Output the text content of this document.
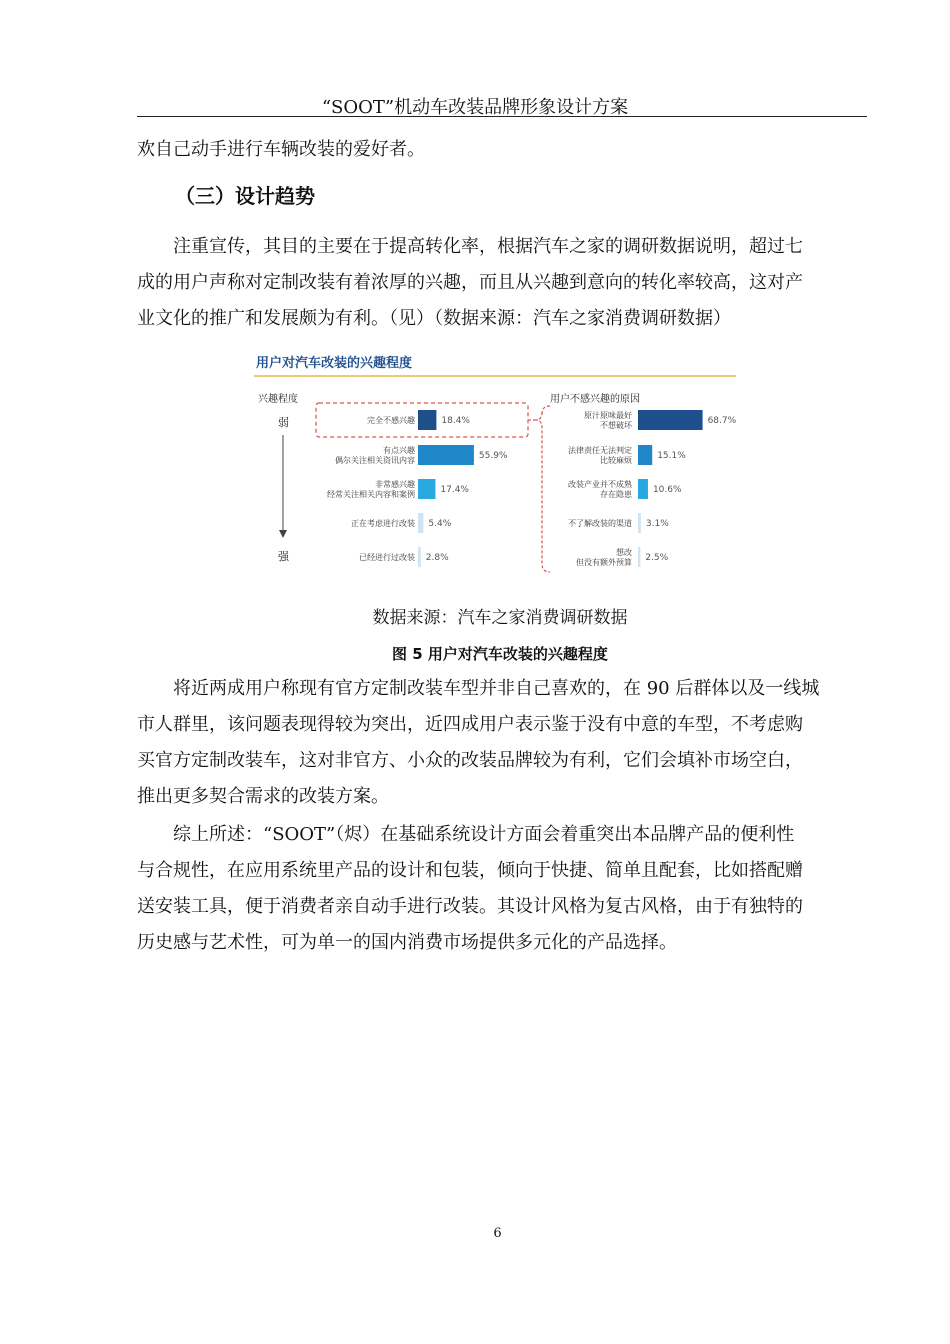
“SOOT”机动车改装品牌形象设计方案
欢自己动手进行车辆改装的爱好者。
（三）设计趋势
注重宣传，其目的主要在于提高转化率，根据汽车之家的调研数据说明，超过七
成的用户声称对定制改装有着浓厚的兴趣，而且从兴趣到意向的转化率较高，这对产
业文化的推广和发展颇为有利。（见）（数据来源：汽车之家消费调研数据）
用户对汽车改装的兴趣程度
兴趣程度	用户不感兴趣的原因
弱
强
完全不感兴趣	18.4%
有点兴趣偶尔关注相关资讯内容	55.9%
非常感兴趣经常关注相关内容和案例	17.4%
正在考虑进行改装 5.4%
已经进行过改装 2.8%
原汁原味最好不想破坏	68.7%
法律责任无法判定比较麻烦	15.1%
改装产业并不成熟存在隐患 10.6%
不了解改装的渠道 3.1%
想改但没有额外预算 2.5%
数据来源：汽车之家消费调研数据
图 5 用户对汽车改装的兴趣程度
将近两成用户称现有官方定制改装车型并非自己喜欢的，在 90 后群体以及一线城
市人群里，该问题表现得较为突出，近四成用户表示鉴于没有中意的车型，不考虑购
买官方定制改装车，这对非官方、小众的改装品牌较为有利，它们会填补市场空白，
推出更多契合需求的改装方案。
综上所述：“SOOT”（烬）在基础系统设计方面会着重突出本品牌产品的便利性
与合规性，在应用系统里产品的设计和包装，倾向于快捷、简单且配套，比如搭配赠
送安装工具，便于消费者亲自动手进行改装。其设计风格为复古风格，由于有独特的
历史感与艺术性，可为单一的国内消费市场提供多元化的产品选择。
6
